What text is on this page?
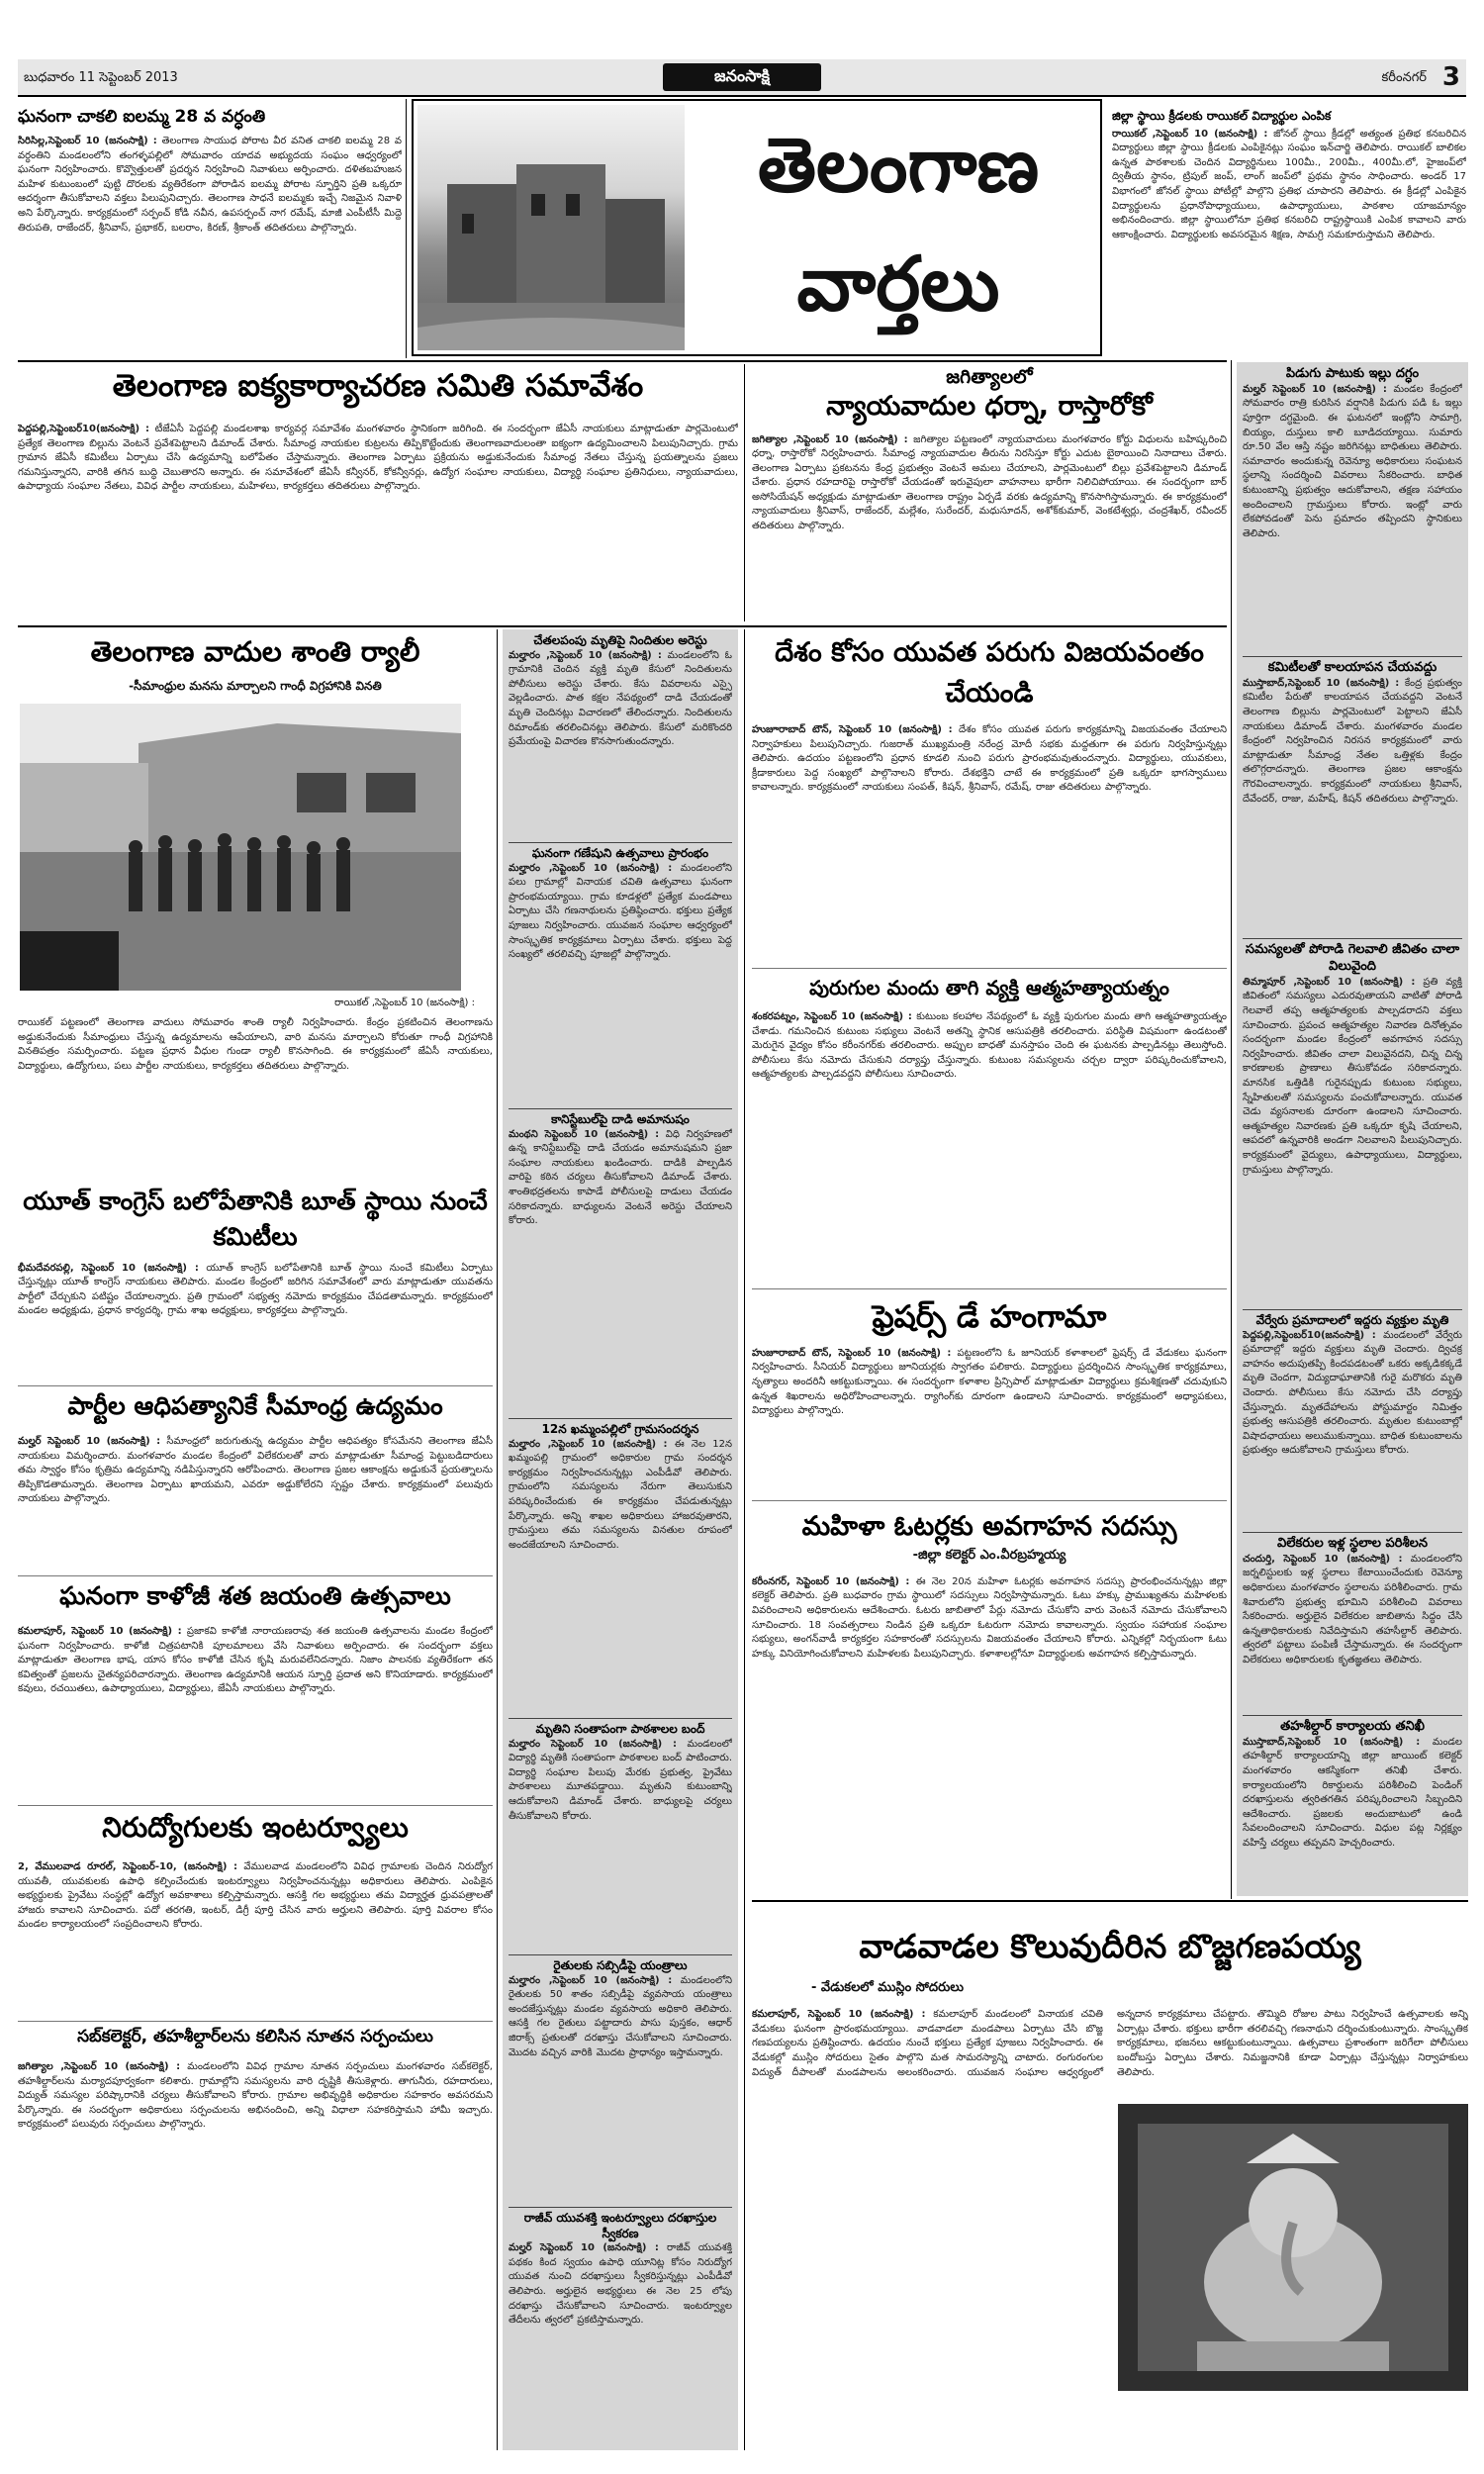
బుధవారం 11 సెప్టెంబర్ 2013	జనంసాక్షి	కరీంనగర్ 3
ఘనంగా చాకలి ఐలమ్మ 28 వ వర్ధంతి
సిరిసిల్ల,సెప్టెంబర్ 10 (జనంసాక్షి) : తెలంగాణ సాయుధ పోరాట వీర వనిత చాకలి ఐలమ్మ 28 వ వర్ధంతిని మండలంలోని తంగళ్ళపల్లిలో సోమవారం యాదవ అభ్యుదయ సంఘం ఆధ్వర్యంలో ఘనంగా నిర్వహించారు. కొవ్వొత్తులతో ప్రదర్శన నిర్వహించి నివాళులు అర్పించారు. దళితబహుజన మహిళ కుటుంబంలో పుట్టి దొరలకు వ్యతిరేకంగా పోరాడిన ఐలమ్మ పోరాట స్ఫూర్తిని ప్రతి ఒక్కరూ ఆదర్శంగా తీసుకోవాలని వక్తలు పిలుపునిచ్చారు. తెలంగాణ సాధనే ఐలమ్మకు ఇచ్చే నిజమైన నివాళి అని పేర్కొన్నారు. కార్యక్రమంలో సర్పంచ్ కోడి నవీన, ఉపసర్పంచ్ నాగ రమేష్, మాజీ ఎంపీటీసీ మిద్దె తిరుపతి, రాజేందర్, శ్రీనివాస్, ప్రభాకర్, బలరాం, కిరణ్, శ్రీకాంత్ తదితరులు పాల్గొన్నారు.
తెలంగాణ
వార్తలు
జిల్లా స్థాయి క్రీడలకు రాయికల్ విద్యార్థుల ఎంపిక
రాయికల్ ,సెప్టెంబర్ 10 (జనంసాక్షి) : జోనల్ స్థాయి క్రీడల్లో అత్యంత ప్రతిభ కనబరిచిన విద్యార్థులు జిల్లా స్థాయి క్రీడలకు ఎంపికైనట్లు సంఘం ఇన్‌చార్జి తెలిపారు. రాయికల్ బాలికల ఉన్నత పాఠశాలకు చెందిన విద్యార్థినులు 100మీ., 200మీ., 400మీ.లో, హైజంప్‌లో ద్వితీయ స్థానం, ట్రిపుల్ జంప్, లాంగ్ జంప్‌లో ప్రథమ స్థానం సాధించారు. అండర్ 17 విభాగంలో జోనల్ స్థాయి పోటీల్లో పాల్గొని ప్రతిభ చూపారని తెలిపారు. ఈ క్రీడల్లో ఎంపికైన విద్యార్థులను ప్రధానోపాధ్యాయులు, ఉపాధ్యాయులు, పాఠశాల యాజమాన్యం అభినందించారు. జిల్లా స్థాయిలోనూ ప్రతిభ కనబరిచి రాష్ట్రస్థాయికి ఎంపిక కావాలని వారు ఆకాంక్షించారు. విద్యార్థులకు అవసరమైన శిక్షణ, సామగ్రి సమకూరుస్తామని తెలిపారు.
తెలంగాణ ఐక్యకార్యాచరణ సమితి సమావేశం
పెద్దపల్లి,సెప్టెంబర్10(జనంసాక్షి) : టీజేఏసీ పెద్దపల్లి మండలశాఖ కార్యవర్గ సమావేశం మంగళవారం స్థానికంగా జరిగింది. ఈ సందర్భంగా జేఏసీ నాయకులు మాట్లాడుతూ పార్లమెంటులో ప్రత్యేక తెలంగాణ బిల్లును వెంటనే ప్రవేశపెట్టాలని డిమాండ్ చేశారు. సీమాంధ్ర నాయకుల కుట్రలను తిప్పికొట్టేందుకు తెలంగాణవాదులంతా ఐక్యంగా ఉద్యమించాలని పిలుపునిచ్చారు. గ్రామ గ్రామాన జేఏసీ కమిటీలు ఏర్పాటు చేసి ఉద్యమాన్ని బలోపేతం చేస్తామన్నారు. తెలంగాణ ఏర్పాటు ప్రక్రియను అడ్డుకునేందుకు సీమాంధ్ర నేతలు చేస్తున్న ప్రయత్నాలను ప్రజలు గమనిస్తున్నారని, వారికి తగిన బుద్ధి చెబుతారని అన్నారు. ఈ సమావేశంలో జేఏసీ కన్వీనర్, కోకన్వీనర్లు, ఉద్యోగ సంఘాల నాయకులు, విద్యార్థి సంఘాల ప్రతినిధులు, న్యాయవాదులు, ఉపాధ్యాయ సంఘాల నేతలు, వివిధ పార్టీల నాయకులు, మహిళలు, కార్యకర్తలు తదితరులు పాల్గొన్నారు.
జగిత్యాలలో
న్యాయవాదుల ధర్నా, రాస్తారోకో
జగిత్యాల ,సెప్టెంబర్ 10 (జనంసాక్షి) : జగిత్యాల పట్టణంలో న్యాయవాదులు మంగళవారం కోర్టు విధులను బహిష్కరించి ధర్నా, రాస్తారోకో నిర్వహించారు. సీమాంధ్ర న్యాయవాదుల తీరును నిరసిస్తూ కోర్టు ఎదుట బైఠాయించి నినాదాలు చేశారు. తెలంగాణ ఏర్పాటు ప్రకటనను కేంద్ర ప్రభుత్వం వెంటనే అమలు చేయాలని, పార్లమెంటులో బిల్లు ప్రవేశపెట్టాలని డిమాండ్ చేశారు. ప్రధాన రహదారిపై రాస్తారోకో చేయడంతో ఇరువైపులా వాహనాలు భారీగా నిలిచిపోయాయి. ఈ సందర్భంగా బార్ అసోసియేషన్ అధ్యక్షుడు మాట్లాడుతూ తెలంగాణ రాష్ట్రం ఏర్పడే వరకు ఉద్యమాన్ని కొనసాగిస్తామన్నారు. ఈ కార్యక్రమంలో న్యాయవాదులు శ్రీనివాస్, రాజేందర్, మల్లేశం, సురేందర్, మధుసూదన్, అశోక్‌కుమార్, వెంకటేశ్వర్లు, చంద్రశేఖర్, రవీందర్ తదితరులు పాల్గొన్నారు.
పిడుగు పాటుకు ఇల్లు దగ్ధం
మల్హర్ సెప్టెంబర్ 10 (జనంసాక్షి) : మండల కేంద్రంలో సోమవారం రాత్రి కురిసిన వర్షానికి పిడుగు పడి ఓ ఇల్లు పూర్తిగా దగ్ధమైంది. ఈ ఘటనలో ఇంట్లోని సామాగ్రి, బియ్యం, దుస్తులు కాలి బూడిదయ్యాయి. సుమారు రూ.50 వేల ఆస్తి నష్టం జరిగినట్లు బాధితులు తెలిపారు. సమాచారం అందుకున్న రెవెన్యూ అధికారులు సంఘటన స్థలాన్ని సందర్శించి వివరాలు సేకరించారు. బాధిత కుటుంబాన్ని ప్రభుత్వం ఆదుకోవాలని, తక్షణ సహాయం అందించాలని గ్రామస్తులు కోరారు. ఇంట్లో వారు లేకపోవడంతో పెను ప్రమాదం తప్పిందని స్థానికులు తెలిపారు.
కమిటీలతో కాలయాపన చేయవద్దు
ముస్తాబాద్,సెప్టెంబర్ 10 (జనంసాక్షి) : కేంద్ర ప్రభుత్వం కమిటీల పేరుతో కాలయాపన చేయవద్దని వెంటనే తెలంగాణ బిల్లును పార్లమెంటులో పెట్టాలని జేఏసీ నాయకులు డిమాండ్ చేశారు. మంగళవారం మండల కేంద్రంలో నిర్వహించిన నిరసన కార్యక్రమంలో వారు మాట్లాడుతూ సీమాంధ్ర నేతల ఒత్తిళ్లకు కేంద్రం తలొగ్గరాదన్నారు. తెలంగాణ ప్రజల ఆకాంక్షను గౌరవించాలన్నారు. కార్యక్రమంలో నాయకులు శ్రీనివాస్, దేవేందర్, రాజు, మహేష్, కిషన్ తదితరులు పాల్గొన్నారు.
సమస్యలతో పోరాడి గెలవాలి జీవితం చాలా విలువైంది
తిమ్మాపూర్ ,సెప్టెంబర్ 10 (జనంసాక్షి) : ప్రతి వ్యక్తి జీవితంలో సమస్యలు ఎదురవుతాయని వాటితో పోరాడి గెలవాలే తప్ప ఆత్మహత్యలకు పాల్పడరాదని వక్తలు సూచించారు. ప్రపంచ ఆత్మహత్యల నివారణ దినోత్సవం సందర్భంగా మండల కేంద్రంలో అవగాహన సదస్సు నిర్వహించారు. జీవితం చాలా విలువైనదని, చిన్న చిన్న కారణాలకు ప్రాణాలు తీసుకోవడం సరికాదన్నారు. మానసిక ఒత్తిడికి గురైనప్పుడు కుటుంబ సభ్యులు, స్నేహితులతో సమస్యలను పంచుకోవాలన్నారు. యువత చెడు వ్యసనాలకు దూరంగా ఉండాలని సూచించారు. ఆత్మహత్యల నివారణకు ప్రతి ఒక్కరూ కృషి చేయాలని, ఆపదలో ఉన్నవారికి అండగా నిలవాలని పిలుపునిచ్చారు. కార్యక్రమంలో వైద్యులు, ఉపాధ్యాయులు, విద్యార్థులు, గ్రామస్తులు పాల్గొన్నారు.
వేర్వేరు ప్రమాదాలలో ఇద్దరు వ్యక్తుల మృతి
పెద్దపల్లి,సెప్టెంబర్10(జనంసాక్షి) : మండలంలో వేర్వేరు ప్రమాదాల్లో ఇద్దరు వ్యక్తులు మృతి చెందారు. ద్విచక్ర వాహనం అదుపుతప్పి కిందపడటంతో ఒకరు అక్కడికక్కడే మృతి చెందగా, విద్యుదాఘాతానికి గురై మరొకరు మృతి చెందారు. పోలీసులు కేసు నమోదు చేసి దర్యాప్తు చేస్తున్నారు. మృతదేహాలను పోస్టుమార్టం నిమిత్తం ప్రభుత్వ ఆసుపత్రికి తరలించారు. మృతుల కుటుంబాల్లో విషాదఛాయలు అలుముకున్నాయి. బాధిత కుటుంబాలను ప్రభుత్వం ఆదుకోవాలని గ్రామస్తులు కోరారు.
విలేకరుల ఇళ్ల స్థలాల పరిశీలన
చందుర్తి, సెప్టెంబర్ 10 (జనంసాక్షి) : మండలంలోని జర్నలిస్టులకు ఇళ్ల స్థలాలు కేటాయించేందుకు రెవెన్యూ అధికారులు మంగళవారం స్థలాలను పరిశీలించారు. గ్రామ శివారులోని ప్రభుత్వ భూమిని పరిశీలించి వివరాలు సేకరించారు. అర్హులైన విలేకరుల జాబితాను సిద్ధం చేసి ఉన్నతాధికారులకు నివేదిస్తామని తహసీల్దార్ తెలిపారు. త్వరలో పట్టాలు పంపిణీ చేస్తామన్నారు. ఈ సందర్భంగా విలేకరులు అధికారులకు కృతజ్ఞతలు తెలిపారు.
తహశీల్దార్ కార్యాలయ తనిఖీ
ముస్తాబాద్,సెప్టెంబర్ 10 (జనంసాక్షి) : మండల తహశీల్దార్ కార్యాలయాన్ని జిల్లా జాయింట్ కలెక్టర్ మంగళవారం ఆకస్మికంగా తనిఖీ చేశారు. కార్యాలయంలోని రికార్డులను పరిశీలించి పెండింగ్ దరఖాస్తులను త్వరితగతిన పరిష్కరించాలని సిబ్బందిని ఆదేశించారు. ప్రజలకు అందుబాటులో ఉండి సేవలందించాలని సూచించారు. విధుల పట్ల నిర్లక్ష్యం వహిస్తే చర్యలు తప్పవని హెచ్చరించారు.
తెలంగాణ వాదుల శాంతి ర్యాలీ
-సీమాంధ్రుల మనసు మార్చాలని గాంధీ విగ్రహానికి వినతి
రాయికల్ ,సెప్టెంబర్ 10 (జనంసాక్షి) :
రాయికల్ పట్టణంలో తెలంగాణ వాదులు సోమవారం శాంతి ర్యాలీ నిర్వహించారు. కేంద్రం ప్రకటించిన తెలంగాణను అడ్డుకునేందుకు సీమాంధ్రులు చేస్తున్న ఉద్యమాలను ఆపేయాలని, వారి మనసు మార్చాలని కోరుతూ గాంధీ విగ్రహానికి వినతిపత్రం సమర్పించారు. పట్టణ ప్రధాన వీధుల గుండా ర్యాలీ కొనసాగింది. ఈ కార్యక్రమంలో జేఏసీ నాయకులు, విద్యార్థులు, ఉద్యోగులు, పలు పార్టీల నాయకులు, కార్యకర్తలు తదితరులు పాల్గొన్నారు.
యూత్ కాంగ్రెస్ బలోపేతానికి బూత్ స్థాయి నుంచే కమిటీలు
భీమదేవరపల్లి, సెప్టెంబర్ 10 (జనంసాక్షి) : యూత్ కాంగ్రెస్ బలోపేతానికి బూత్ స్థాయి నుంచే కమిటీలు ఏర్పాటు చేస్తున్నట్లు యూత్ కాంగ్రెస్ నాయకులు తెలిపారు. మండల కేంద్రంలో జరిగిన సమావేశంలో వారు మాట్లాడుతూ యువతను పార్టీలో చేర్చుకుని పటిష్టం చేయాలన్నారు. ప్రతి గ్రామంలో సభ్యత్వ నమోదు కార్యక్రమం చేపడతామన్నారు. కార్యక్రమంలో మండల అధ్యక్షుడు, ప్రధాన కార్యదర్శి, గ్రామ శాఖ అధ్యక్షులు, కార్యకర్తలు పాల్గొన్నారు.
పార్టీల ఆధిపత్యానికే సీమాంధ్ర ఉద్యమం
మల్హర్ సెప్టెంబర్ 10 (జనంసాక్షి) : సీమాంధ్రలో జరుగుతున్న ఉద్యమం పార్టీల ఆధిపత్యం కోసమేనని తెలంగాణ జేఏసీ నాయకులు విమర్శించారు. మంగళవారం మండల కేంద్రంలో విలేకరులతో వారు మాట్లాడుతూ సీమాంధ్ర పెట్టుబడిదారులు తమ స్వార్థం కోసం కృత్రిమ ఉద్యమాన్ని నడిపిస్తున్నారని ఆరోపించారు. తెలంగాణ ప్రజల ఆకాంక్షను అడ్డుకునే ప్రయత్నాలను తిప్పికొడతామన్నారు. తెలంగాణ ఏర్పాటు ఖాయమని, ఎవరూ అడ్డుకోలేరని స్పష్టం చేశారు. కార్యక్రమంలో పలువురు నాయకులు పాల్గొన్నారు.
ఘనంగా కాళోజీ శత జయంతి ఉత్సవాలు
కమలాపూర్, సెప్టెంబర్ 10 (జనంసాక్షి) : ప్రజాకవి కాళోజీ నారాయణరావు శత జయంతి ఉత్సవాలను మండల కేంద్రంలో ఘనంగా నిర్వహించారు. కాళోజీ చిత్రపటానికి పూలమాలలు వేసి నివాళులు అర్పించారు. ఈ సందర్భంగా వక్తలు మాట్లాడుతూ తెలంగాణ భాష, యాస కోసం కాళోజీ చేసిన కృషి మరువలేనిదన్నారు. నిజాం పాలనకు వ్యతిరేకంగా తన కవిత్వంతో ప్రజలను చైతన్యపరిచారన్నారు. తెలంగాణ ఉద్యమానికి ఆయన స్ఫూర్తి ప్రదాత అని కొనియాడారు. కార్యక్రమంలో కవులు, రచయితలు, ఉపాధ్యాయులు, విద్యార్థులు, జేఏసీ నాయకులు పాల్గొన్నారు.
నిరుద్యోగులకు ఇంటర్వ్యూలు
2, వేములవాడ రూరల్, సెప్టెంబర్-10, (జనంసాక్షి) : వేములవాడ మండలంలోని వివిధ గ్రామాలకు చెందిన నిరుద్యోగ యువతీ, యువకులకు ఉపాధి కల్పించేందుకు ఇంటర్వ్యూలు నిర్వహించనున్నట్లు అధికారులు తెలిపారు. ఎంపికైన అభ్యర్థులకు ప్రైవేటు సంస్థల్లో ఉద్యోగ అవకాశాలు కల్పిస్తామన్నారు. ఆసక్తి గల అభ్యర్థులు తమ విద్యార్హత ధ్రువపత్రాలతో హాజరు కావాలని సూచించారు. పదో తరగతి, ఇంటర్, డిగ్రీ పూర్తి చేసిన వారు అర్హులని తెలిపారు. పూర్తి వివరాల కోసం మండల కార్యాలయంలో సంప్రదించాలని కోరారు.
సబ్‌కలెక్టర్, తహశీల్దార్‌లను కలిసిన నూతన సర్పంచులు
జగిత్యాల ,సెప్టెంబర్ 10 (జనంసాక్షి) : మండలంలోని వివిధ గ్రామాల నూతన సర్పంచులు మంగళవారం సబ్‌కలెక్టర్, తహశీల్దార్‌లను మర్యాదపూర్వకంగా కలిశారు. గ్రామాల్లోని సమస్యలను వారి దృష్టికి తీసుకెళ్లారు. తాగునీరు, రహదారులు, విద్యుత్ సమస్యల పరిష్కారానికి చర్యలు తీసుకోవాలని కోరారు. గ్రామాల అభివృద్ధికి అధికారుల సహకారం అవసరమని పేర్కొన్నారు. ఈ సందర్భంగా అధికారులు సర్పంచులను అభినందించి, అన్ని విధాలా సహకరిస్తామని హామీ ఇచ్చారు. కార్యక్రమంలో పలువురు సర్పంచులు పాల్గొన్నారు.
చేతలపంపు మృతిపై నిందితుల అరెస్టు
మల్హారం ,సెప్టెంబర్ 10 (జనంసాక్షి) : మండలంలోని ఓ గ్రామానికి చెందిన వ్యక్తి మృతి కేసులో నిందితులను పోలీసులు అరెస్టు చేశారు. కేసు వివరాలను ఎస్సై వెల్లడించారు. పాత కక్షల నేపథ్యంలో దాడి చేయడంతో మృతి చెందినట్లు విచారణలో తేలిందన్నారు. నిందితులను రిమాండ్‌కు తరలించినట్లు తెలిపారు. కేసులో మరికొందరి ప్రమేయంపై విచారణ కొనసాగుతుందన్నారు.
ఘనంగా గణేషుని ఉత్సవాలు ప్రారంభం
మల్హారం ,సెప్టెంబర్ 10 (జనంసాక్షి) : మండలంలోని పలు గ్రామాల్లో వినాయక చవితి ఉత్సవాలు ఘనంగా ప్రారంభమయ్యాయి. గ్రామ కూడళ్లలో ప్రత్యేక మండపాలు ఏర్పాటు చేసి గణనాథులను ప్రతిష్ఠించారు. భక్తులు ప్రత్యేక పూజలు నిర్వహించారు. యువజన సంఘాల ఆధ్వర్యంలో సాంస్కృతిక కార్యక్రమాలు ఏర్పాటు చేశారు. భక్తులు పెద్ద సంఖ్యలో తరలివచ్చి పూజల్లో పాల్గొన్నారు.
కానిస్టేబుల్‌పై దాడి అమానుషం
మంథని సెప్టెంబర్ 10 (జనంసాక్షి) : విధి నిర్వహణలో ఉన్న కానిస్టేబుల్‌పై దాడి చేయడం అమానుషమని ప్రజా సంఘాల నాయకులు ఖండించారు. దాడికి పాల్పడిన వారిపై కఠిన చర్యలు తీసుకోవాలని డిమాండ్ చేశారు. శాంతిభద్రతలను కాపాడే పోలీసులపై దాడులు చేయడం సరికాదన్నారు. బాధ్యులను వెంటనే అరెస్టు చేయాలని కోరారు.
12న ఖమ్మంపల్లిలో గ్రామసందర్శన
మల్హారం ,సెప్టెంబర్ 10 (జనంసాక్షి) : ఈ నెల 12న ఖమ్మంపల్లి గ్రామంలో అధికారుల గ్రామ సందర్శన కార్యక్రమం నిర్వహించనున్నట్లు ఎంపీడీవో తెలిపారు. గ్రామంలోని సమస్యలను నేరుగా తెలుసుకుని పరిష్కరించేందుకు ఈ కార్యక్రమం చేపడుతున్నట్లు పేర్కొన్నారు. అన్ని శాఖల అధికారులు హాజరవుతారని, గ్రామస్తులు తమ సమస్యలను వినతుల రూపంలో అందజేయాలని సూచించారు.
మృతిని సంతాపంగా పాఠశాలల బంద్
మల్హారం సెప్టెంబర్ 10 (జనంసాక్షి) : మండలంలో విద్యార్థి మృతికి సంతాపంగా పాఠశాలల బంద్ పాటించారు. విద్యార్థి సంఘాల పిలుపు మేరకు ప్రభుత్వ, ప్రైవేటు పాఠశాలలు మూతపడ్డాయి. మృతుని కుటుంబాన్ని ఆదుకోవాలని డిమాండ్ చేశారు. బాధ్యులపై చర్యలు తీసుకోవాలని కోరారు.
రైతులకు సబ్సిడీపై యంత్రాలు
మల్హారం ,సెప్టెంబర్ 10 (జనంసాక్షి) : మండలంలోని రైతులకు 50 శాతం సబ్సిడీపై వ్యవసాయ యంత్రాలు అందజేస్తున్నట్లు మండల వ్యవసాయ అధికారి తెలిపారు. ఆసక్తి గల రైతులు పట్టాదారు పాసు పుస్తకం, ఆధార్ జిరాక్స్ ప్రతులతో దరఖాస్తు చేసుకోవాలని సూచించారు. మొదట వచ్చిన వారికి మొదట ప్రాధాన్యం ఇస్తామన్నారు.
రాజీవ్ యువశక్తి ఇంటర్వ్యూలు దరఖాస్తుల స్వీకరణ
మల్హర్ సెప్టెంబర్ 10 (జనంసాక్షి) : రాజీవ్ యువశక్తి పథకం కింద స్వయం ఉపాధి యూనిట్ల కోసం నిరుద్యోగ యువత నుంచి దరఖాస్తులు స్వీకరిస్తున్నట్లు ఎంపీడీవో తెలిపారు. అర్హులైన అభ్యర్థులు ఈ నెల 25 లోపు దరఖాస్తు చేసుకోవాలని సూచించారు. ఇంటర్వ్యూల తేదీలను త్వరలో ప్రకటిస్తామన్నారు.
దేశం కోసం యువత పరుగు విజయవంతం చేయండి
హుజూరాబాద్ టౌన్, సెప్టెంబర్ 10 (జనంసాక్షి) : దేశం కోసం యువత పరుగు కార్యక్రమాన్ని విజయవంతం చేయాలని నిర్వాహకులు పిలుపునిచ్చారు. గుజరాత్ ముఖ్యమంత్రి నరేంద్ర మోదీ సభకు మద్దతుగా ఈ పరుగు నిర్వహిస్తున్నట్లు తెలిపారు. ఉదయం పట్టణంలోని ప్రధాన కూడలి నుంచి పరుగు ప్రారంభమవుతుందన్నారు. విద్యార్థులు, యువకులు, క్రీడాకారులు పెద్ద సంఖ్యలో పాల్గొనాలని కోరారు. దేశభక్తిని చాటే ఈ కార్యక్రమంలో ప్రతి ఒక్కరూ భాగస్వాములు కావాలన్నారు. కార్యక్రమంలో నాయకులు సంపత్, కిషన్, శ్రీనివాస్, రమేష్, రాజు తదితరులు పాల్గొన్నారు.
పురుగుల మందు తాగి వ్యక్తి ఆత్మహత్యాయత్నం
శంకరపట్నం, సెప్టెంబర్ 10 (జనంసాక్షి) : కుటుంబ కలహాల నేపథ్యంలో ఓ వ్యక్తి పురుగుల మందు తాగి ఆత్మహత్యాయత్నం చేశాడు. గమనించిన కుటుంబ సభ్యులు వెంటనే అతన్ని స్థానిక ఆసుపత్రికి తరలించారు. పరిస్థితి విషమంగా ఉండటంతో మెరుగైన వైద్యం కోసం కరీంనగర్‌కు తరలించారు. అప్పుల బాధతో మనస్తాపం చెంది ఈ ఘటనకు పాల్పడినట్లు తెలుస్తోంది. పోలీసులు కేసు నమోదు చేసుకుని దర్యాప్తు చేస్తున్నారు. కుటుంబ సమస్యలను చర్చల ద్వారా పరిష్కరించుకోవాలని, ఆత్మహత్యలకు పాల్పడవద్దని పోలీసులు సూచించారు.
ఫ్రెషర్స్ డే హంగామా
హుజూరాబాద్ టౌన్, సెప్టెంబర్ 10 (జనంసాక్షి) : పట్టణంలోని ఓ జూనియర్ కళాశాలలో ఫ్రెషర్స్ డే వేడుకలు ఘనంగా నిర్వహించారు. సీనియర్ విద్యార్థులు జూనియర్లకు స్వాగతం పలికారు. విద్యార్థులు ప్రదర్శించిన సాంస్కృతిక కార్యక్రమాలు, నృత్యాలు అందరినీ ఆకట్టుకున్నాయి. ఈ సందర్భంగా కళాశాల ప్రిన్సిపాల్ మాట్లాడుతూ విద్యార్థులు క్రమశిక్షణతో చదువుకుని ఉన్నత శిఖరాలను అధిరోహించాలన్నారు. ర్యాగింగ్‌కు దూరంగా ఉండాలని సూచించారు. కార్యక్రమంలో అధ్యాపకులు, విద్యార్థులు పాల్గొన్నారు.
మహిళా ఓటర్లకు అవగాహన సదస్సు
-జిల్లా కలెక్టర్ ఎం.వీరబ్రహ్మయ్య
కరీంనగర్, సెప్టెంబర్ 10 (జనంసాక్షి) : ఈ నెల 20న మహిళా ఓటర్లకు అవగాహన సదస్సు ప్రారంభించనున్నట్లు జిల్లా కలెక్టర్ తెలిపారు. ప్రతి బుధవారం గ్రామ స్థాయిలో సదస్సులు నిర్వహిస్తామన్నారు. ఓటు హక్కు ప్రాముఖ్యతను మహిళలకు వివరించాలని అధికారులను ఆదేశించారు. ఓటరు జాబితాలో పేర్లు నమోదు చేసుకోని వారు వెంటనే నమోదు చేసుకోవాలని సూచించారు. 18 సంవత్సరాలు నిండిన ప్రతి ఒక్కరూ ఓటరుగా నమోదు కావాలన్నారు. స్వయం సహాయక సంఘాల సభ్యులు, అంగన్‌వాడీ కార్యకర్తల సహకారంతో సదస్సులను విజయవంతం చేయాలని కోరారు. ఎన్నికల్లో నిర్భయంగా ఓటు హక్కు వినియోగించుకోవాలని మహిళలకు పిలుపునిచ్చారు. కళాశాలల్లోనూ విద్యార్థులకు అవగాహన కల్పిస్తామన్నారు.
వాడవాడల కొలువుదీరిన బొజ్జగణపయ్య
- వేడుకలలో ముస్లిం సోదరులు
కమలాపూర్, సెప్టెంబర్ 10 (జనంసాక్షి) : కమలాపూర్ మండలంలో వినాయక చవితి వేడుకలు ఘనంగా ప్రారంభమయ్యాయి. వాడవాడలా మండపాలు ఏర్పాటు చేసి బొజ్జ గణపయ్యలను ప్రతిష్ఠించారు. ఉదయం నుంచే భక్తులు ప్రత్యేక పూజలు నిర్వహించారు. ఈ వేడుకల్లో ముస్లిం సోదరులు సైతం పాల్గొని మత సామరస్యాన్ని చాటారు. రంగురంగుల విద్యుత్ దీపాలతో మండపాలను అలంకరించారు. యువజన సంఘాల ఆధ్వర్యంలో అన్నదాన కార్యక్రమాలు చేపట్టారు. తొమ్మిది రోజుల పాటు నిర్వహించే ఉత్సవాలకు అన్ని ఏర్పాట్లు చేశారు. భక్తులు భారీగా తరలివచ్చి గణనాథుని దర్శించుకుంటున్నారు. సాంస్కృతిక కార్యక్రమాలు, భజనలు ఆకట్టుకుంటున్నాయి. ఉత్సవాలు ప్రశాంతంగా జరిగేలా పోలీసులు బందోబస్తు ఏర్పాటు చేశారు. నిమజ్జనానికి కూడా ఏర్పాట్లు చేస్తున్నట్లు నిర్వాహకులు తెలిపారు.
